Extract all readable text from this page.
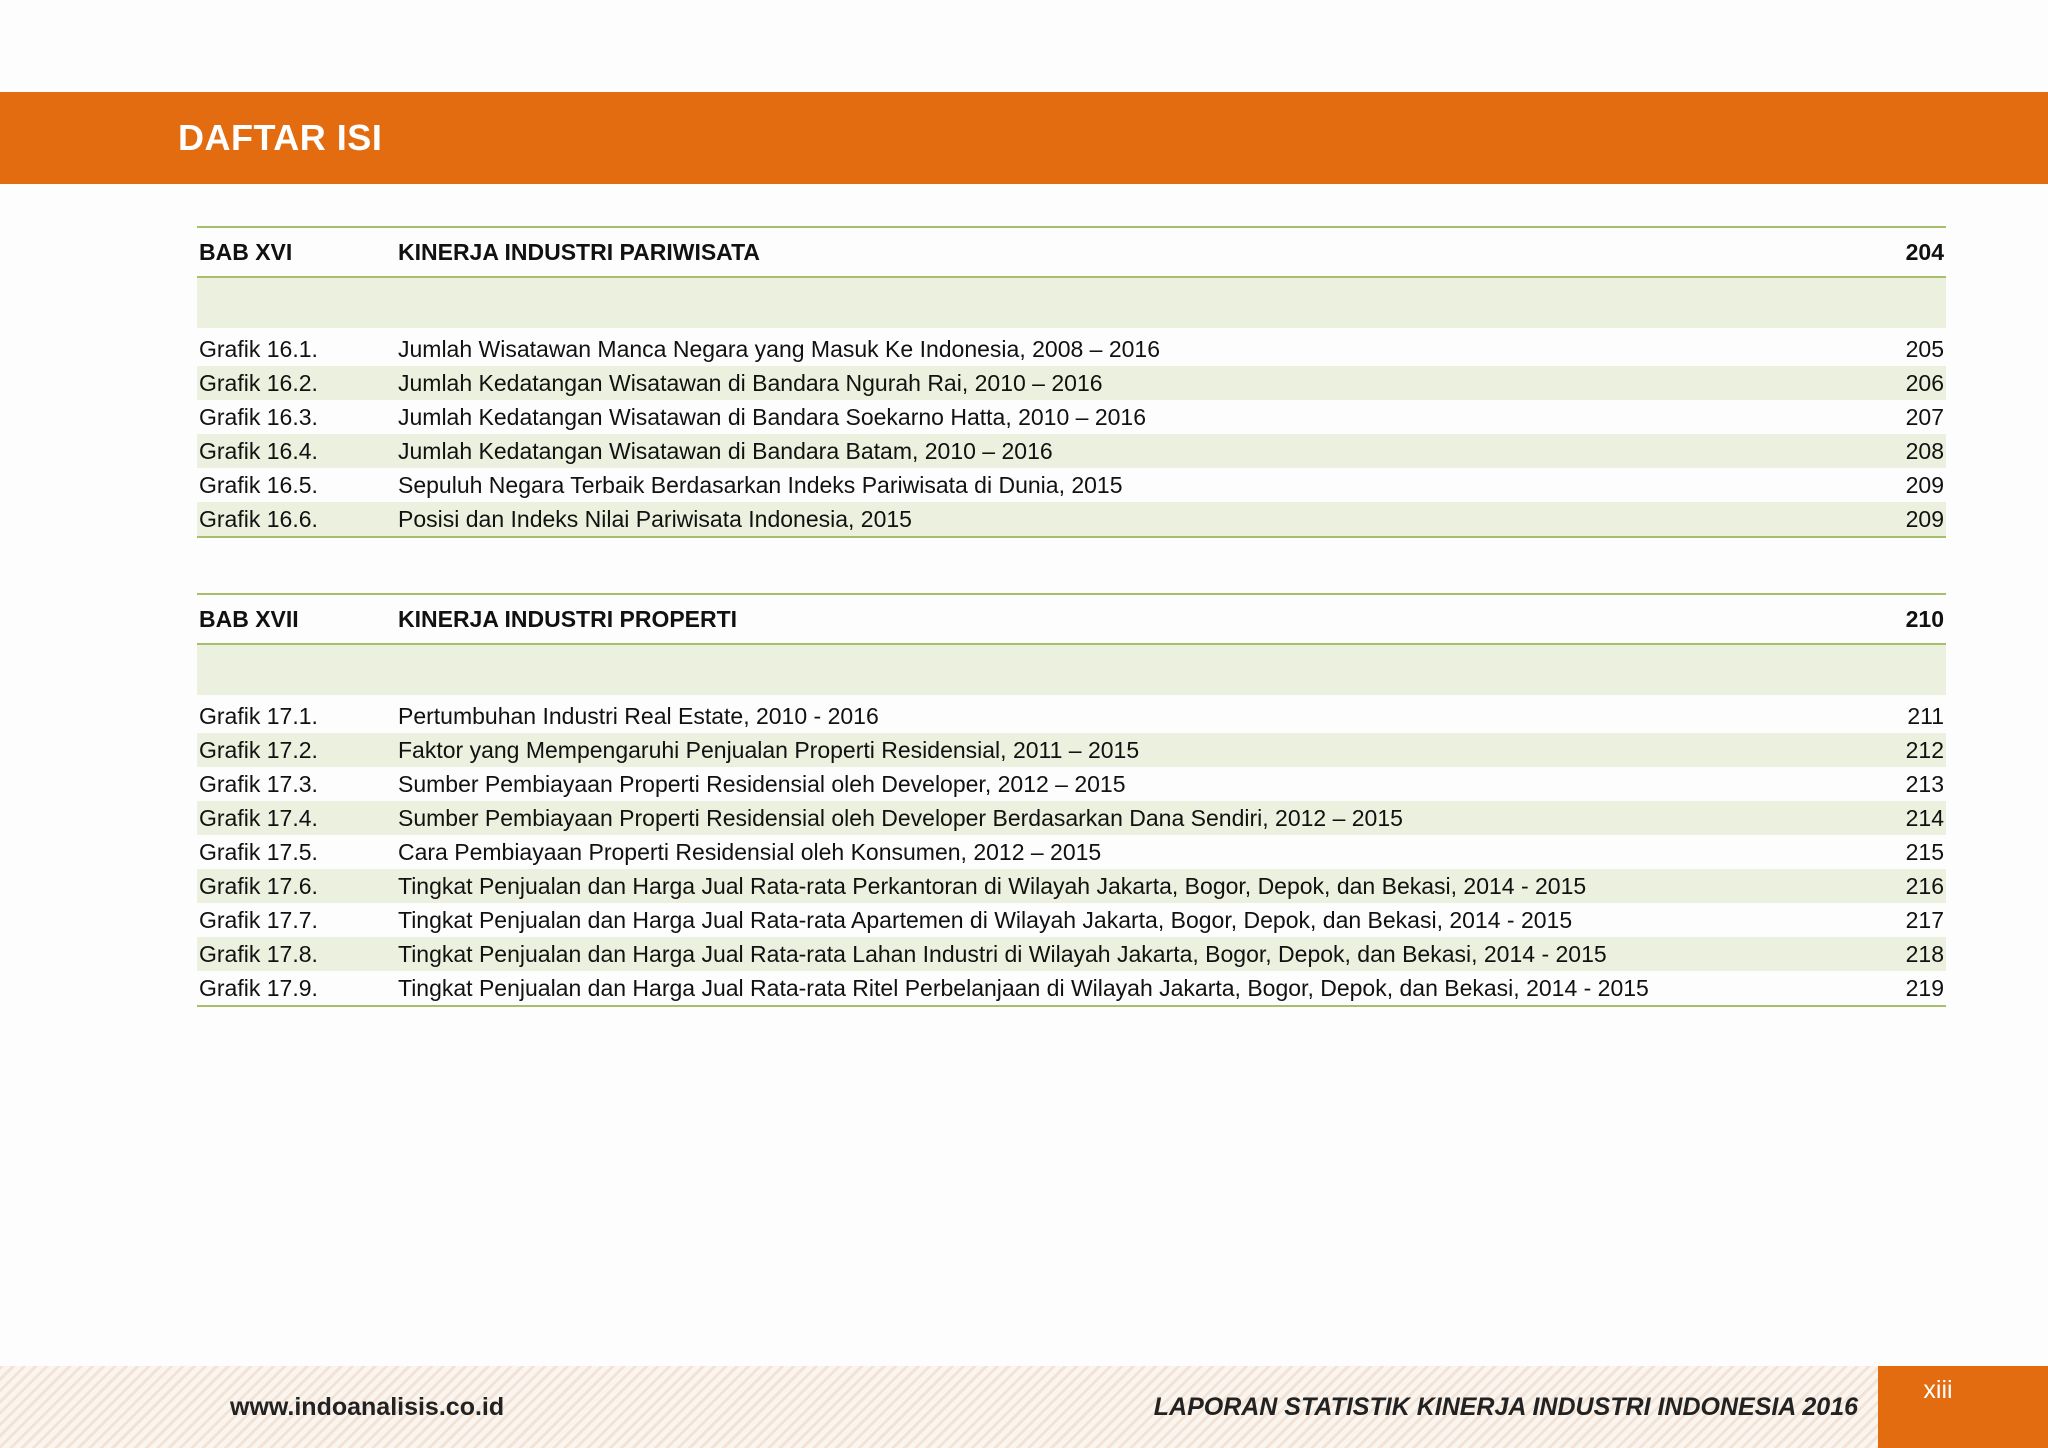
DAFTAR ISI
BAB XVI	KINERJA INDUSTRI PARIWISATA	204
Grafik 16.1.	Jumlah Wisatawan Manca Negara yang Masuk Ke Indonesia, 2008 – 2016	205
Grafik 16.2.	Jumlah Kedatangan Wisatawan di Bandara Ngurah Rai, 2010 – 2016	206
Grafik 16.3.	Jumlah Kedatangan Wisatawan di Bandara Soekarno Hatta, 2010 – 2016	207
Grafik 16.4.	Jumlah Kedatangan Wisatawan di Bandara Batam, 2010 – 2016	208
Grafik 16.5.	Sepuluh Negara Terbaik Berdasarkan Indeks Pariwisata di Dunia, 2015	209
Grafik 16.6.	Posisi dan Indeks Nilai Pariwisata Indonesia, 2015	209
BAB XVII	KINERJA INDUSTRI PROPERTI	210
Grafik 17.1.	Pertumbuhan Industri Real Estate, 2010 - 2016	211
Grafik 17.2.	Faktor yang Mempengaruhi Penjualan Properti Residensial, 2011 – 2015	212
Grafik 17.3.	Sumber Pembiayaan Properti Residensial oleh Developer, 2012 – 2015	213
Grafik 17.4.	Sumber Pembiayaan Properti Residensial oleh Developer Berdasarkan Dana Sendiri, 2012 – 2015	214
Grafik 17.5.	Cara Pembiayaan Properti Residensial oleh Konsumen, 2012 – 2015	215
Grafik 17.6.	Tingkat Penjualan dan Harga Jual Rata-rata Perkantoran di Wilayah Jakarta, Bogor, Depok, dan Bekasi, 2014 - 2015	216
Grafik 17.7.	Tingkat Penjualan dan Harga Jual Rata-rata Apartemen di Wilayah Jakarta, Bogor, Depok, dan Bekasi, 2014 - 2015	217
Grafik 17.8.	Tingkat Penjualan dan Harga Jual Rata-rata Lahan Industri di Wilayah Jakarta, Bogor, Depok, dan Bekasi, 2014 - 2015	218
Grafik 17.9.	Tingkat Penjualan dan Harga Jual Rata-rata Ritel Perbelanjaan di Wilayah Jakarta, Bogor, Depok, dan Bekasi, 2014 - 2015	219
www.indoanalisis.co.id	LAPORAN STATISTIK KINERJA INDUSTRI INDONESIA 2016
xiii
